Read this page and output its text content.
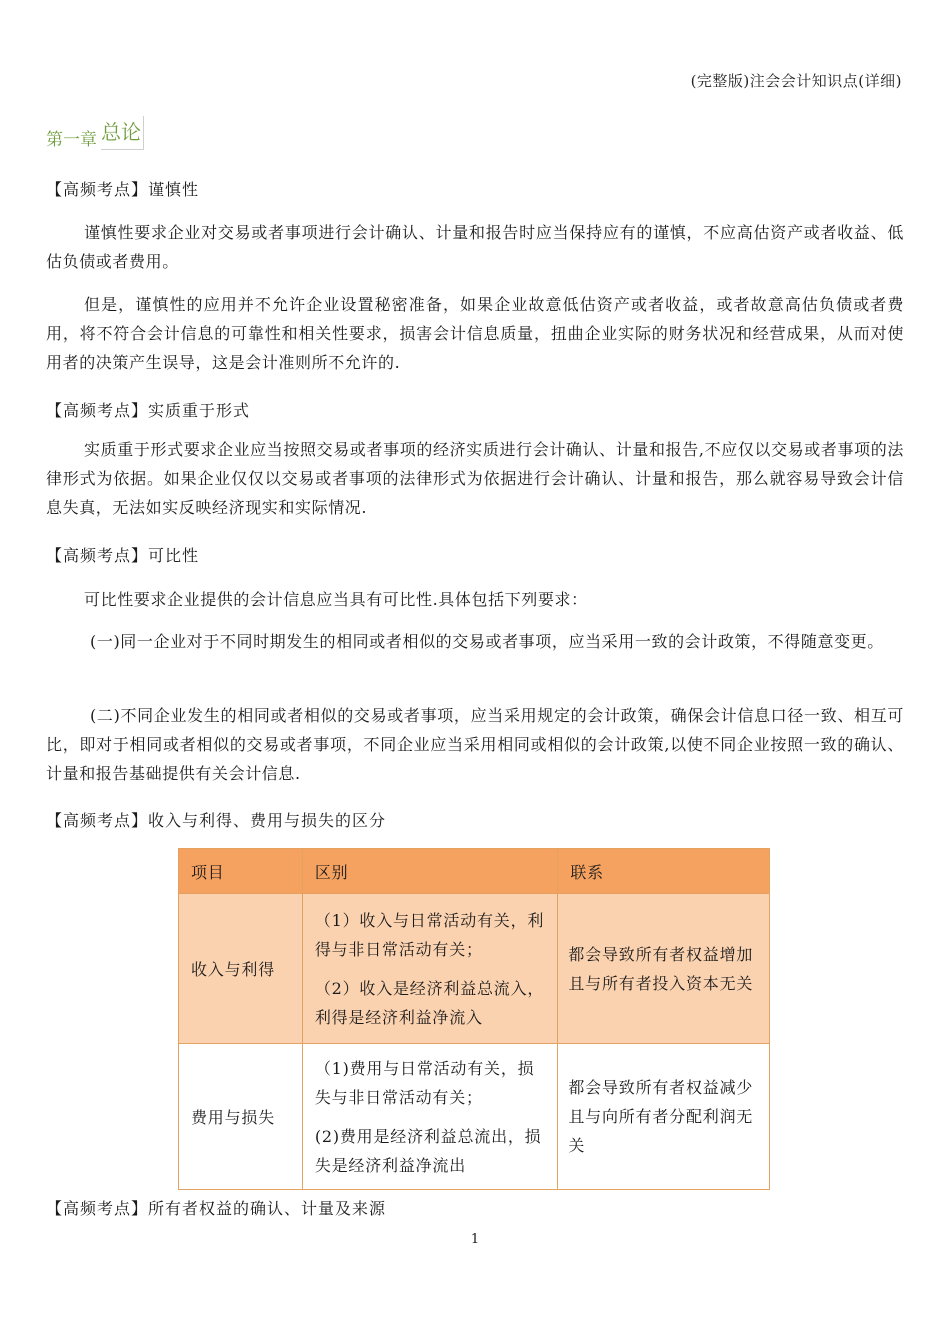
(完整版)注会会计知识点(详细)
第一章 总论
【高频考点】谨慎性
谨慎性要求企业对交易或者事项进行会计确认、计量和报告时应当保持应有的谨慎，不应高估资产或者收益、低估负债或者费用。
但是，谨慎性的应用并不允许企业设置秘密准备，如果企业故意低估资产或者收益，或者故意高估负债或者费用，将不符合会计信息的可靠性和相关性要求，损害会计信息质量，扭曲企业实际的财务状况和经营成果，从而对使用者的决策产生误导，这是会计准则所不允许的.
【高频考点】实质重于形式
实质重于形式要求企业应当按照交易或者事项的经济实质进行会计确认、计量和报告,不应仅以交易或者事项的法律形式为依据。如果企业仅仅以交易或者事项的法律形式为依据进行会计确认、计量和报告，那么就容易导致会计信息失真，无法如实反映经济现实和实际情况.
【高频考点】可比性
可比性要求企业提供的会计信息应当具有可比性.具体包括下列要求：
(一)同一企业对于不同时期发生的相同或者相似的交易或者事项，应当采用一致的会计政策，不得随意变更。
(二)不同企业发生的相同或者相似的交易或者事项，应当采用规定的会计政策，确保会计信息口径一致、相互可比，即对于相同或者相似的交易或者事项，不同企业应当采用相同或相似的会计政策,以使不同企业按照一致的确认、计量和报告基础提供有关会计信息.
【高频考点】收入与利得、费用与损失的区分
项目	区别	联系
收入与利得	（1）收入与日常活动有关，利得与非日常活动有关；

（2）收入是经济利益总流入，利得是经济利益净流入	都会导致所有者权益增加且与所有者投入资本无关
费用与损失	（1)费用与日常活动有关，损失与非日常活动有关；

(2)费用是经济利益总流出，损失是经济利益净流出	都会导致所有者权益减少且与向所有者分配利润无关
【高频考点】所有者权益的确认、计量及来源
1
